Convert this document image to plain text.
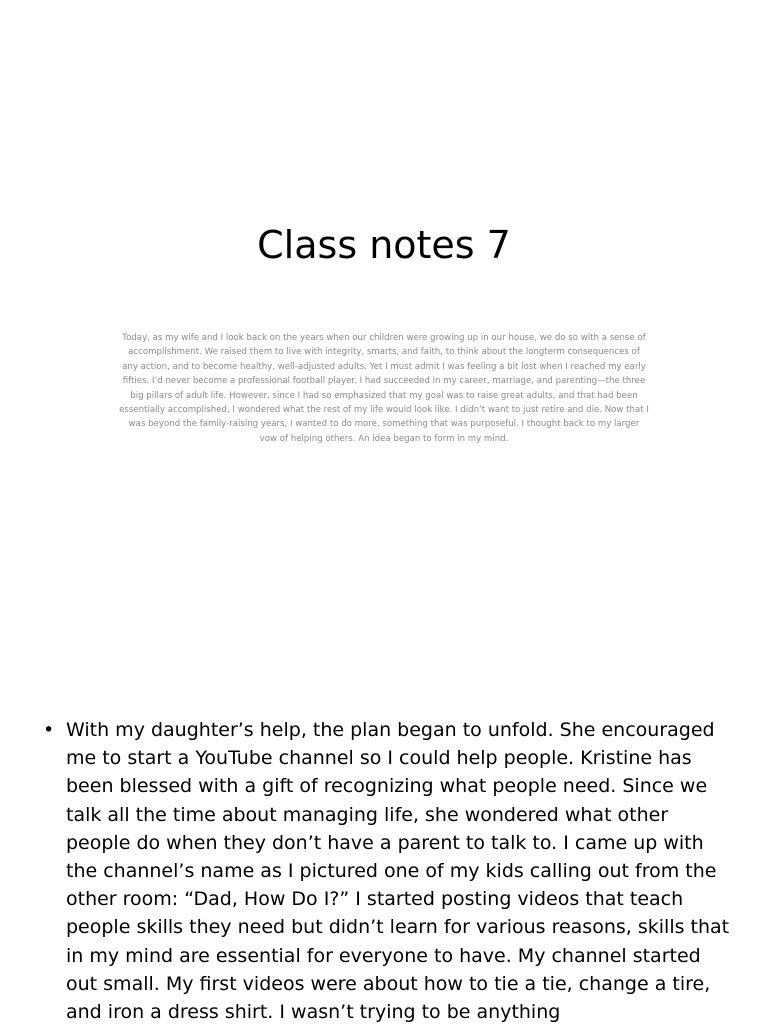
Class notes 7

Today, as my wife and I look back on the years when our children were growing up in our house, we do so with a sense of accomplishment. We raised them to live with integrity, smarts, and faith, to think about the longterm consequences of any action, and to become healthy, well-adjusted adults. Yet I must admit I was feeling a bit lost when I reached my early fifties. I’d never become a professional football player. I had succeeded in my career, marriage, and parenting—the three big pillars of adult life. However, since I had so emphasized that my goal was to raise great adults, and that had been essentially accomplished, I wondered what the rest of my life would look like. I didn’t want to just retire and die. Now that I was beyond the family-raising years, I wanted to do more, something that was purposeful. I thought back to my larger vow of helping others. An idea began to form in my mind.

• With my daughter’s help, the plan began to unfold. She encouraged me to start a YouTube channel so I could help people. Kristine has been blessed with a gift of recognizing what people need. Since we talk all the time about managing life, she wondered what other people do when they don’t have a parent to talk to. I came up with the channel’s name as I pictured one of my kids calling out from the other room: “Dad, How Do I?” I started posting videos that teach people skills they need but didn’t learn for various reasons, skills that in my mind are essential for everyone to have. My channel started out small. My first videos were about how to tie a tie, change a tire, and iron a dress shirt. I wasn’t trying to be anything
